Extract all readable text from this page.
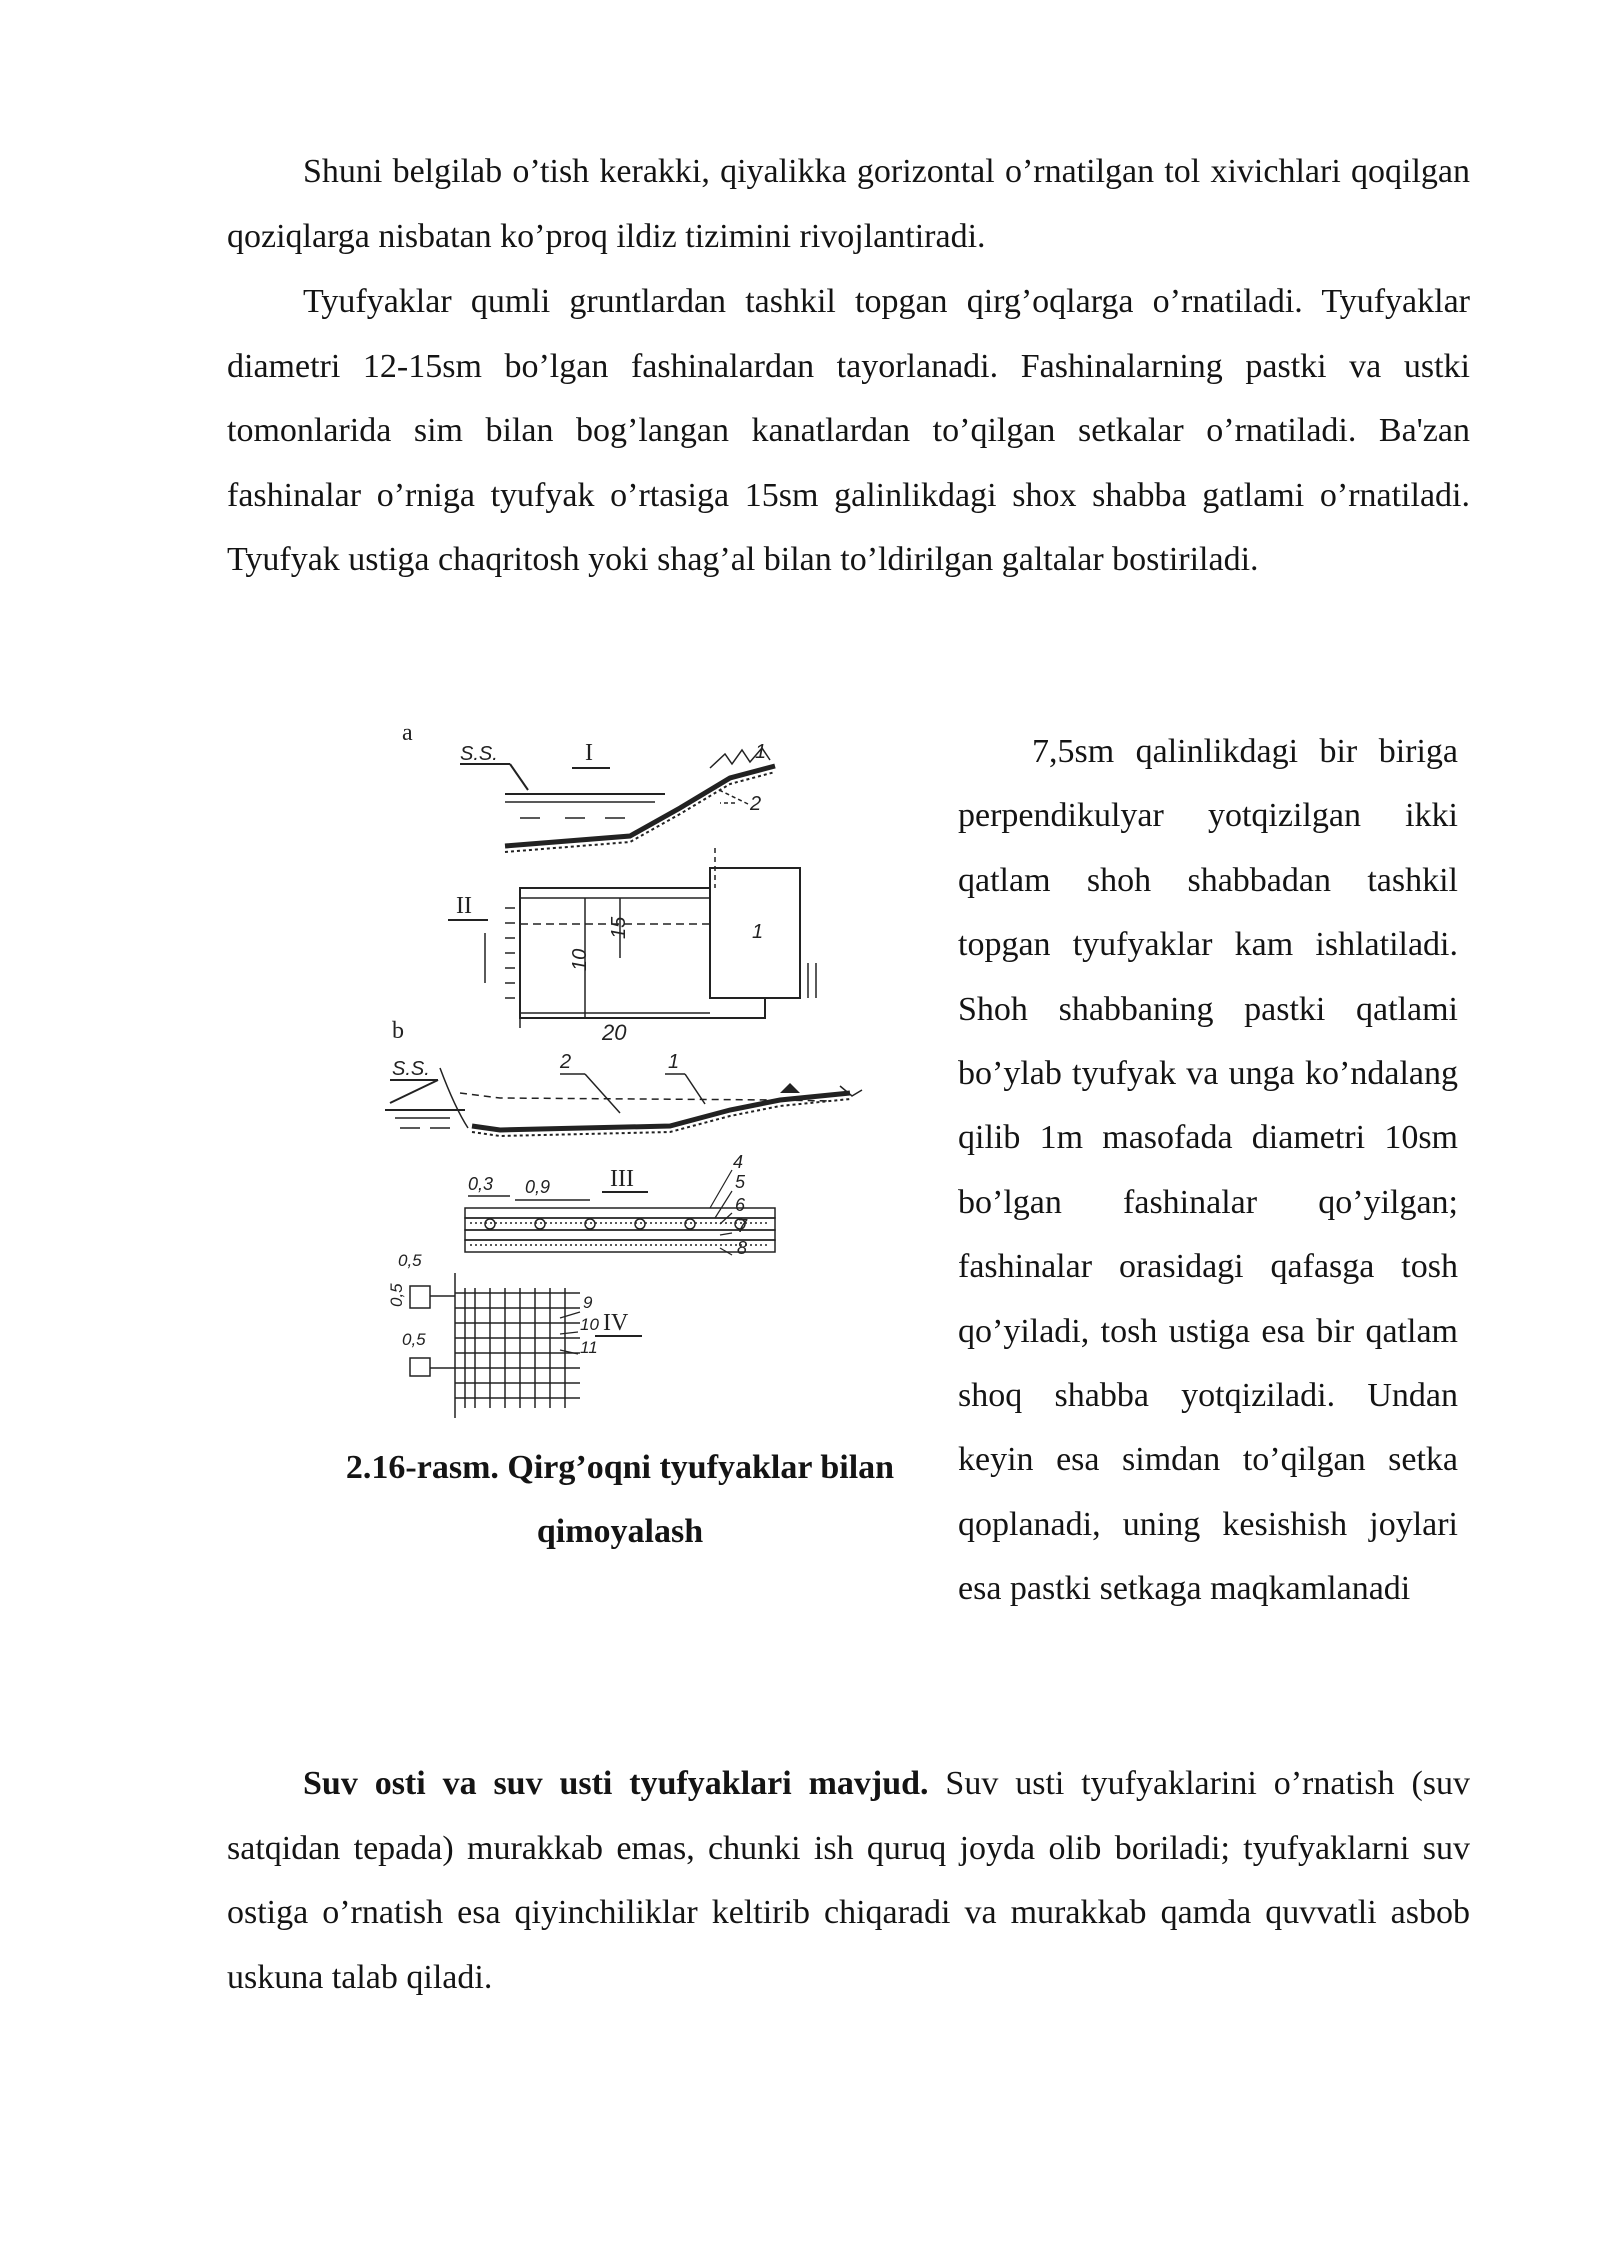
Shuni belgilab o’tish kerakki, qiyalikka gorizontal o’rnatilgan tol xivichlari qoqilgan qoziqlarga nisbatan ko’proq ildiz tizimini rivojlantiradi.

Tyufyaklar qumli gruntlardan tashkil topgan qirg’oqlarga o’rnatiladi. Tyufyaklar diametri 12-15sm bo’lgan fashinalardan tayorlanadi. Fashinalarning pastki va ustki tomonlarida sim bilan bog’langan kanatlardan to’qilgan setkalar o’rnatiladi. Ba'zan fashinalar o’rniga tyufyak o’rtasiga 15sm galinlikdagi shox shabba gatlami o’rnatiladi. Tyufyak ustiga chaqritosh yoki shag’al bilan to’ldirilgan galtalar bostiriladi.

a
S.S.	I	1
2
II
1
10
15
20
b
S.S.	2	1
III
0,3 0,9
4
5
6
7
8
IV
0,5
0,5
0,5
9
10
11
2.16-rasm. Qirg’oqni tyufyaklar bilan
qimoyalash

7,5sm qalinlikdagi bir biriga perpendikulyar yotqizilgan ikki qatlam shoh shabbadan tashkil topgan tyufyaklar kam ishlatiladi. Shoh shabbaning pastki qatlami bo’ylab tyufyak va unga ko’ndalang qilib 1m masofada diametri 10sm bo’lgan fashinalar qo’yilgan; fashinalar orasidagi qafasga tosh qo’yiladi, tosh ustiga esa bir qatlam shoq shabba yotqiziladi. Undan keyin esa simdan to’qilgan setka qoplanadi, uning kesishish joylari esa pastki setkaga maqkamlanadi

Suv osti va suv usti tyufyaklari mavjud. Suv usti tyufyaklarini o’rnatish (suv satqidan tepada) murakkab emas, chunki ish quruq joyda olib boriladi; tyufyaklarni suv ostiga o’rnatish esa qiyinchiliklar keltirib chiqaradi va murakkab qamda quvvatli asbob uskuna talab qiladi.
